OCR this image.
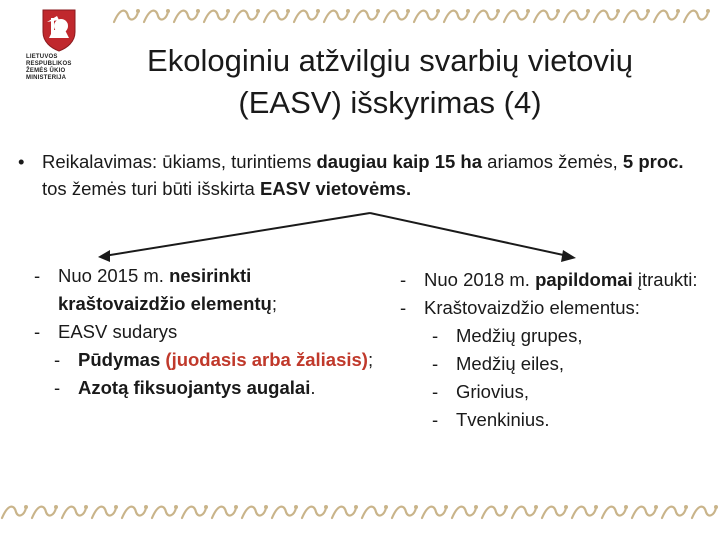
LIETUVOS RESPUBLIKOS
ŽEMĖS ŪKIO MINISTERIJA	Ekologiniu atžvilgiu svarbių vietovių
(EASV) išskyrimas (4)
• Reikalavimas: ūkiams, turintiems daugiau kaip 15 ha ariamos žemės, 5 proc. tos žemės turi būti išskirta EASV vietovėms.
- Nuo 2015 m. nesirinkti kraštovaizdžio elementų;
- EASV sudarys
- Pūdymas (juodasis arba žaliasis);
- Azotą fiksuojantys augalai.
- Nuo 2018 m. papildomai įtraukti:
- Kraštovaizdžio elementus:
- Medžių grupes,
- Medžių eiles,
- Griovius,
- Tvenkinius.
